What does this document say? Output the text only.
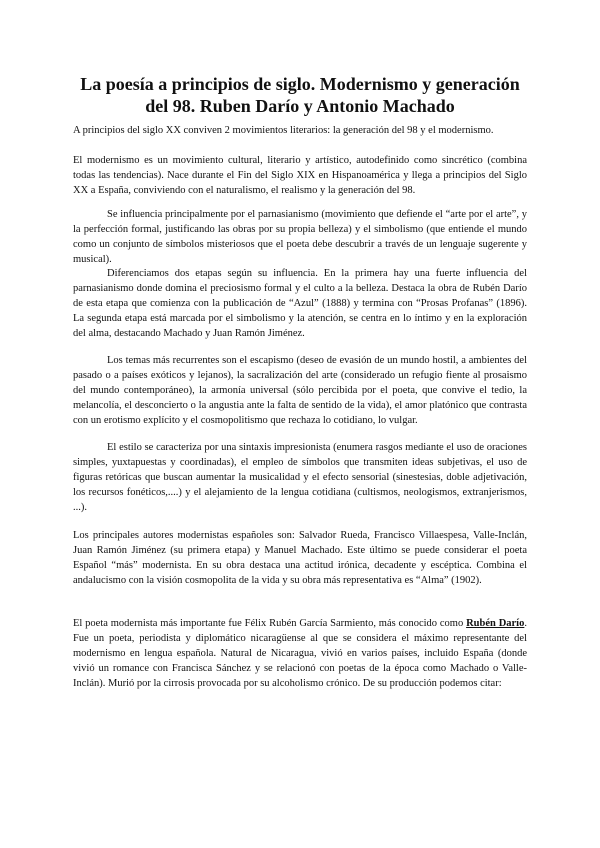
La poesía a principios de siglo. Modernismo y generación del 98. Ruben Darío y Antonio Machado

A principios del siglo XX conviven 2 movimientos literarios: la generación del 98 y el modernismo.

El modernismo es un movimiento cultural, literario y artístico, autodefinido como sincrético (combina todas las tendencias). Nace durante el Fin del Siglo XIX en Hispanoamérica y llega a principios del Siglo XX a España, conviviendo con el naturalismo, el realismo y la generación del 98.

Se influencia principalmente por el parnasianismo (movimiento que defiende el “arte por el arte”, y la perfección formal, justificando las obras por su propia belleza) y el simbolismo (que entiende el mundo como un conjunto de símbolos misteriosos que el poeta debe descubrir a través de un lenguaje sugerente y musical).

Diferenciamos dos etapas según su influencia. En la primera hay una fuerte influencia del parnasianismo donde domina el preciosismo formal y el culto a la belleza. Destaca la obra de Rubén Darío de esta etapa que comienza con la publicación de “Azul” (1888) y termina con “Prosas Profanas” (1896). La segunda etapa está marcada por el simbolismo y la atención, se centra en lo íntimo y en la exploración del alma, destacando Machado y Juan Ramón Jiménez.

Los temas más recurrentes son el escapismo (deseo de evasión de un mundo hostil, a ambientes del pasado o a países exóticos y lejanos), la sacralización del arte (considerado un refugio fiente al prosaismo del mundo contemporáneo), la armonía universal (sólo percibida por el poeta, que convive el tedio, la melancolía, el desconcierto o la angustia ante la falta de sentido de la vida), el amor platónico que contrasta con un erotismo explícito y el cosmopolitismo que rechaza lo cotidiano, lo vulgar.

El estilo se caracteriza por una sintaxis impresionista (enumera rasgos mediante el uso de oraciones simples, yuxtapuestas y coordinadas), el empleo de símbolos que transmiten ideas subjetivas, el uso de figuras retóricas que buscan aumentar la musicalidad y el efecto sensorial (sinestesias, doble adjetivación, los recursos fonéticos,....) y el alejamiento de la lengua cotidiana (cultismos, neologismos, extranjerismos, ...).

Los principales autores modernistas españoles son: Salvador Rueda, Francisco Villaespesa, Valle-Inclán, Juan Ramón Jiménez (su primera etapa) y Manuel Machado. Este último se puede considerar el poeta Español “más” modernista. En su obra destaca una actitud irónica, decadente y escéptica. Combina el andalucismo con la visión cosmopolita de la vida y su obra más representativa es “Alma” (1902).

El poeta modernista más importante fue Félix Rubén García Sarmiento, más conocido como Rubén Darío. Fue un poeta, periodista y diplomático nicaragüense al que se considera el máximo representante del modernismo en lengua española. Natural de Nicaragua, vivió en varios países, incluido España (donde vivió un romance con Francisca Sánchez y se relacionó con poetas de la época como Machado o Valle-Inclán). Murió por la cirrosis provocada por su alcoholismo crónico. De su producción podemos citar:
